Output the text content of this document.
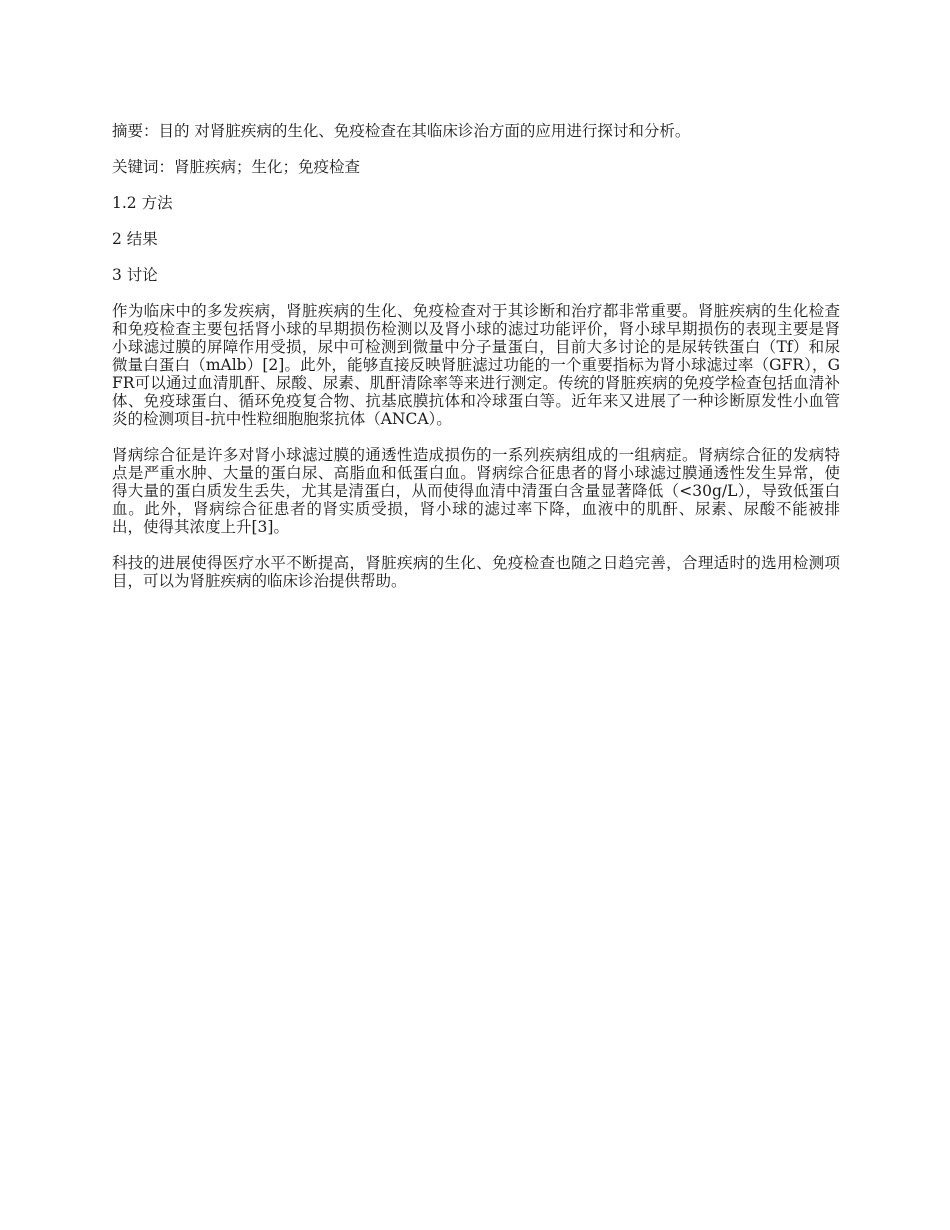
摘要：目的 对肾脏疾病的生化、免疫检查在其临床诊治方面的应用进行探讨和分析。

关键词：肾脏疾病；生化；免疫检查

1.2 方法

2 结果

3 讨论

作为临床中的多发疾病，肾脏疾病的生化、免疫检查对于其诊断和治疗都非常重要。肾脏疾病的生化检查和免疫检查主要包括肾小球的早期损伤检测以及肾小球的滤过功能评价，肾小球早期损伤的表现主要是肾小球滤过膜的屏障作用受损，尿中可检测到微量中分子量蛋白，目前大多讨论的是尿转铁蛋白（Tf）和尿微量白蛋白（mAlb）[2]。此外，能够直接反映肾脏滤过功能的一个重要指标为肾小球滤过率（GFR），GFR可以通过血清肌酐、尿酸、尿素、肌酐清除率等来进行测定。传统的肾脏疾病的免疫学检查包括血清补体、免疫球蛋白、循环免疫复合物、抗基底膜抗体和冷球蛋白等。近年来又进展了一种诊断原发性小血管炎的检测项目-抗中性粒细胞胞浆抗体（ANCA）。

肾病综合征是许多对肾小球滤过膜的通透性造成损伤的一系列疾病组成的一组病症。肾病综合征的发病特点是严重水肿、大量的蛋白尿、高脂血和低蛋白血。肾病综合征患者的肾小球滤过膜通透性发生异常，使得大量的蛋白质发生丢失，尤其是清蛋白，从而使得血清中清蛋白含量显著降低（<30g/L），导致低蛋白血。此外，肾病综合征患者的肾实质受损，肾小球的滤过率下降，血液中的肌酐、尿素、尿酸不能被排出，使得其浓度上升[3]。

科技的进展使得医疗水平不断提高，肾脏疾病的生化、免疫检查也随之日趋完善，合理适时的选用检测项目，可以为肾脏疾病的临床诊治提供帮助。
